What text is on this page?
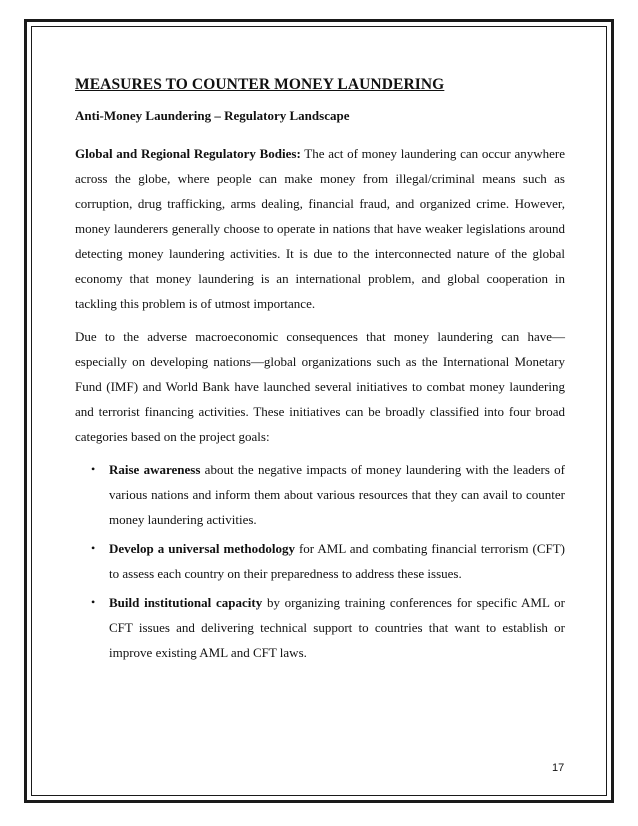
MEASURES TO COUNTER MONEY LAUNDERING
Anti-Money Laundering – Regulatory Landscape

Global and Regional Regulatory Bodies: The act of money laundering can occur anywhere across the globe, where people can make money from illegal/criminal means such as corruption, drug trafficking, arms dealing, financial fraud, and organized crime. However, money launderers generally choose to operate in nations that have weaker legislations around detecting money laundering activities. It is due to the interconnected nature of the global economy that money laundering is an international problem, and global cooperation in tackling this problem is of utmost importance.

Due to the adverse macroeconomic consequences that money laundering can have—especially on developing nations—global organizations such as the International Monetary Fund (IMF) and World Bank have launched several initiatives to combat money laundering and terrorist financing activities. These initiatives can be broadly classified into four broad categories based on the project goals:

• Raise awareness about the negative impacts of money laundering with the leaders of various nations and inform them about various resources that they can avail to counter money laundering activities.
• Develop a universal methodology for AML and combating financial terrorism (CFT) to assess each country on their preparedness to address these issues.
• Build institutional capacity by organizing training conferences for specific AML or CFT issues and delivering technical support to countries that want to establish or improve existing AML and CFT laws.
17
